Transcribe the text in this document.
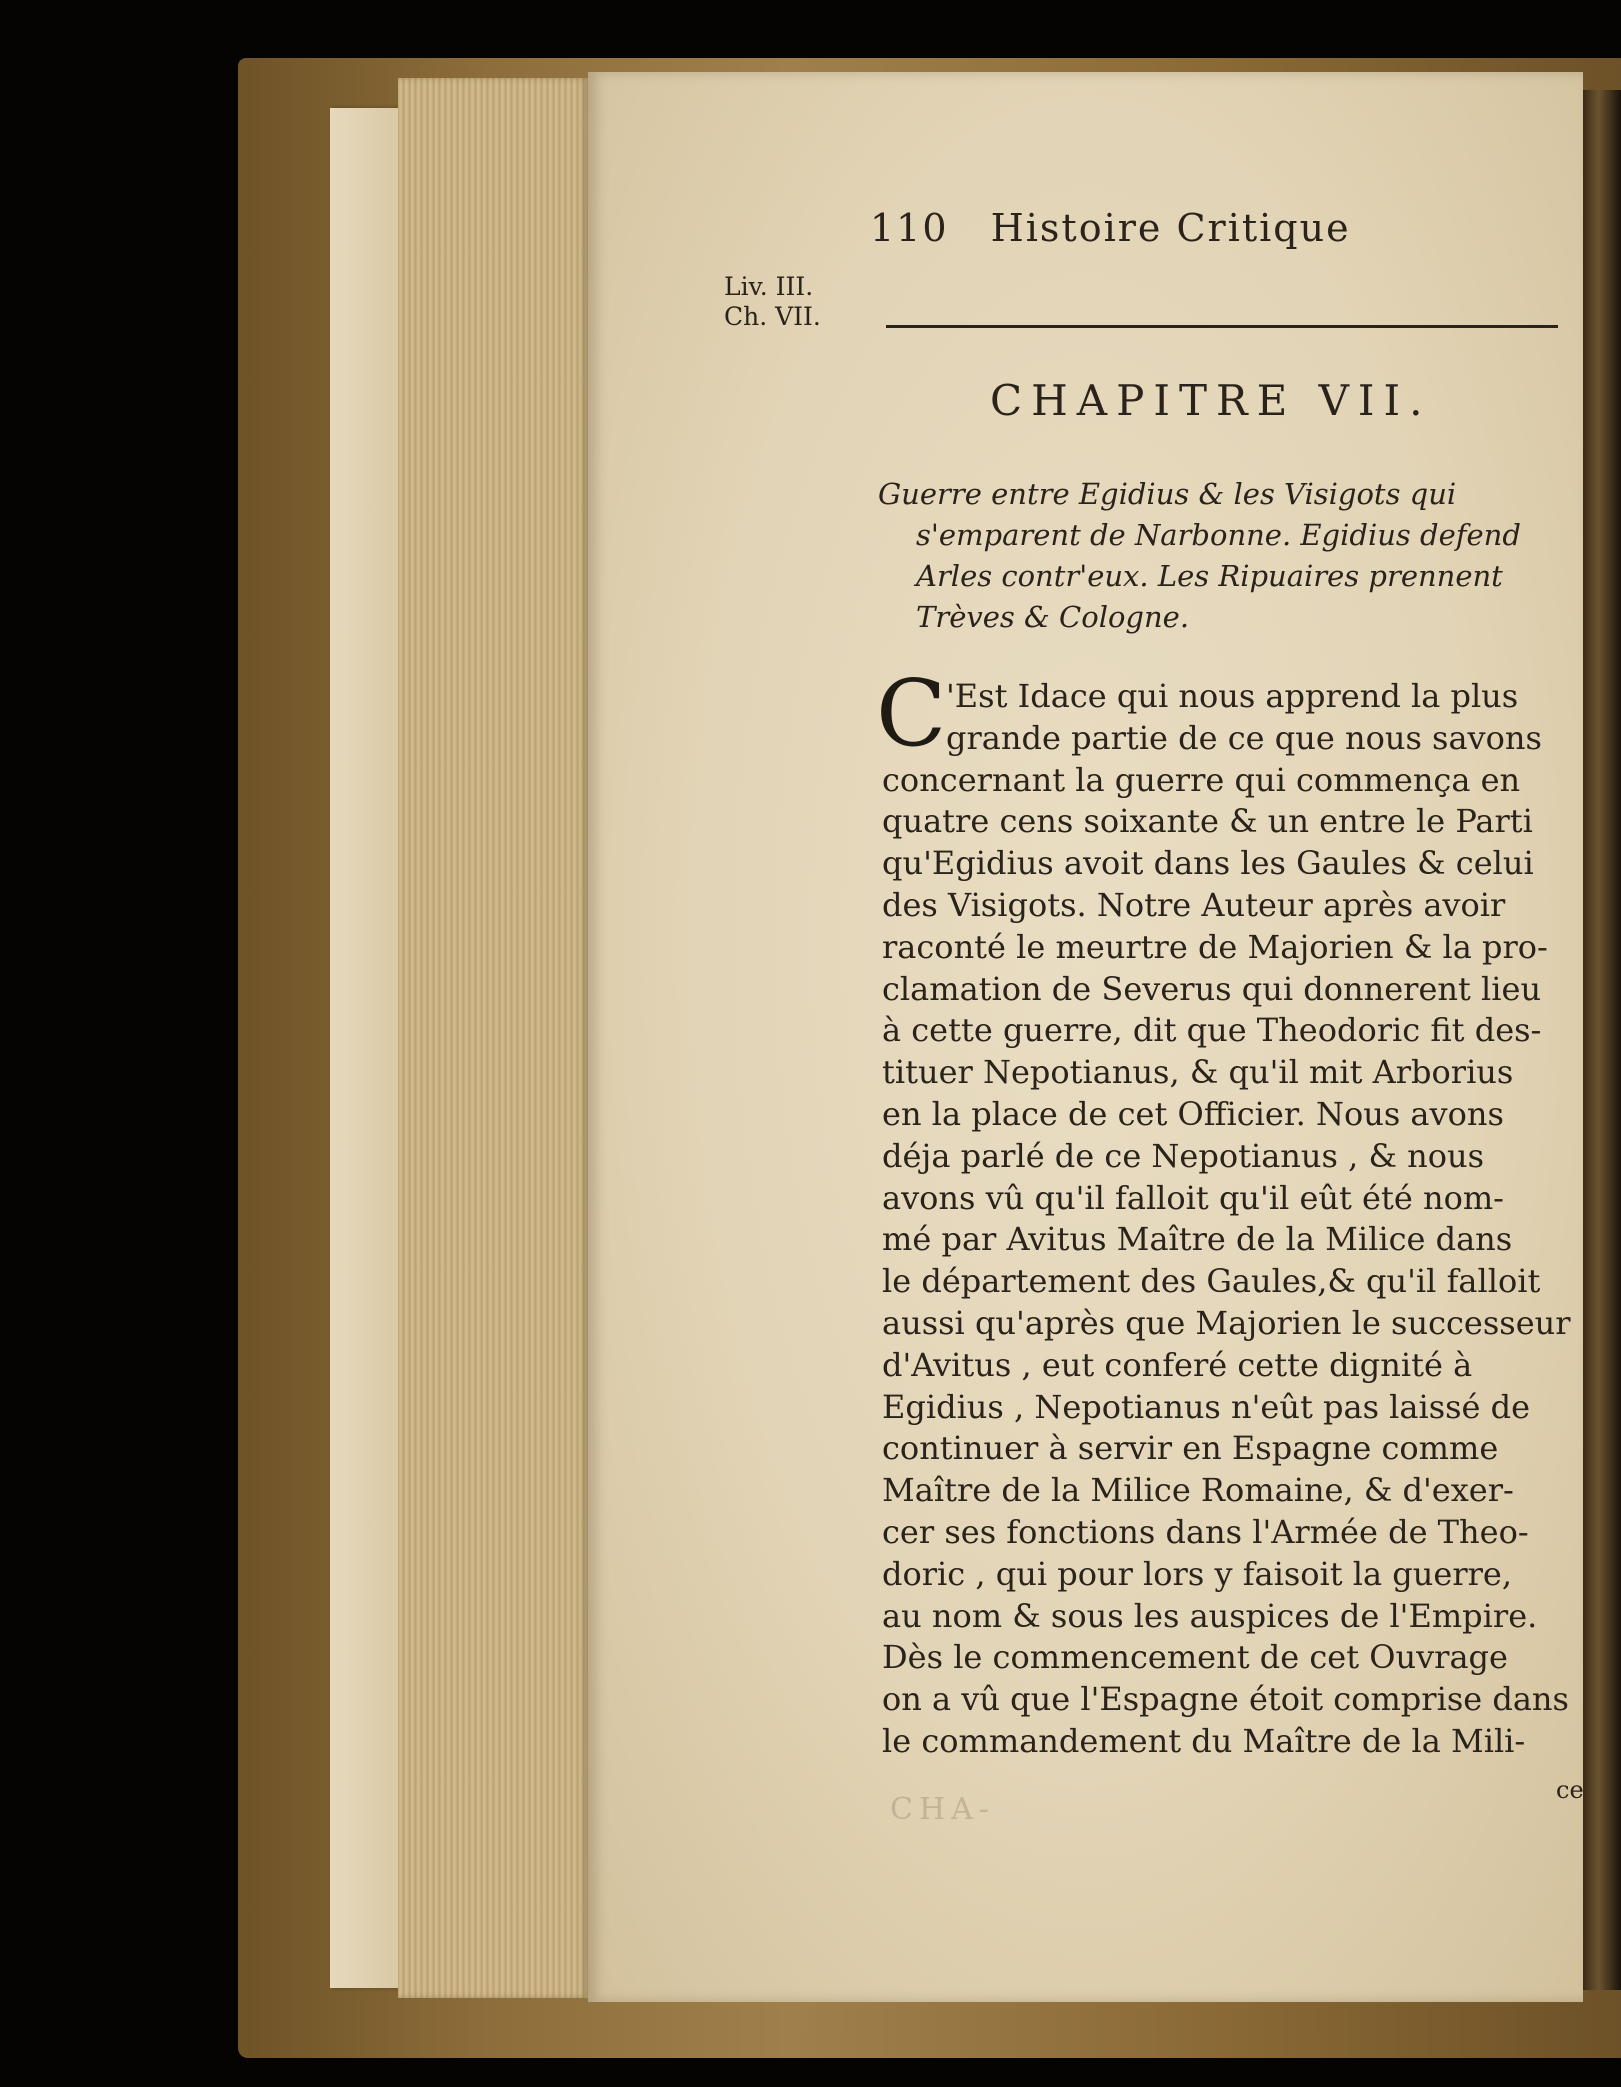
110 Histoire Critique
Liv. III.
Ch. VII.
CHAPITRE VII.
Guerre entre Egidius & les Visigots qui
s'emparent de Narbonne. Egidius defend
Arles contr'eux. Les Ripuaires prennent
Trèves & Cologne.
C 'Est Idace qui nous apprend la plus
grande partie de ce que nous savons
concernant la guerre qui commença en
quatre cens soixante & un entre le Parti
qu'Egidius avoit dans les Gaules & celui
des Visigots. Notre Auteur après avoir
raconté le meurtre de Majorien & la pro-
clamation de Severus qui donnerent lieu
à cette guerre, dit que Theodoric fit des-
tituer Nepotianus, & qu'il mit Arborius
en la place de cet Officier. Nous avons
déja parlé de ce Nepotianus , & nous
avons vû qu'il falloit qu'il eût été nom-
mé par Avitus Maître de la Milice dans
le département des Gaules,& qu'il falloit
aussi qu'après que Majorien le successeur
d'Avitus , eut conferé cette dignité à
Egidius , Nepotianus n'eût pas laissé de
continuer à servir en Espagne comme
Maître de la Milice Romaine, & d'exer-
cer ses fonctions dans l'Armée de Theo-
doric , qui pour lors y faisoit la guerre,
au nom & sous les auspices de l'Empire.
Dès le commencement de cet Ouvrage
on a vû que l'Espagne étoit comprise dans
le commandement du Maître de la Mili-
ce
CHA-
